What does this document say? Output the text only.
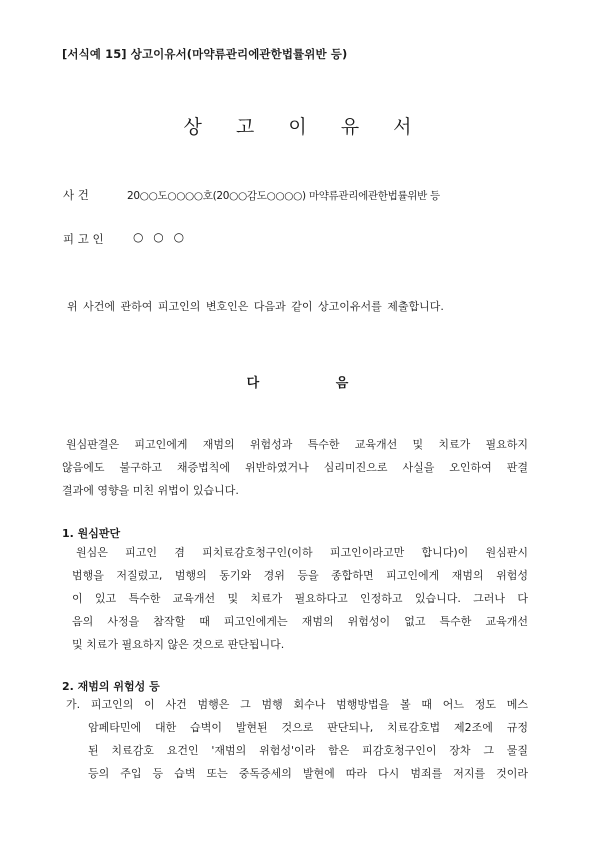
[서식예 15] 상고이유서(마약류관리에관한법률위반 등)
상 고 이 유 서
사 건	20○○도○○○○호(20○○감도○○○○) 마약류관리에관한법률위반 등
피 고 인 ○ ○ ○
위 사건에 관하여 피고인의 변호인은 다음과 같이 상고이유서를 제출합니다.
다 음
원심판결은 피고인에게 재범의 위험성과 특수한 교육개선 및 치료가 필요하지
않음에도 불구하고 채증법칙에 위반하였거나 심리미진으로 사실을 오인하여 판결
결과에 영향을 미친 위법이 있습니다.
1. 원심판단
원심은 피고인 겸 피치료감호청구인(이하 피고인이라고만 합니다)이 원심판시
범행을 저질렀고, 범행의 동기와 경위 등을 종합하면 피고인에게 재범의 위험성
이 있고 특수한 교육개선 및 치료가 필요하다고 인정하고 있습니다. 그러나 다
음의 사정을 참작할 때 피고인에게는 재범의 위험성이 없고 특수한 교육개선
및 치료가 필요하지 않은 것으로 판단됩니다.
2. 재범의 위험성 등
가. 피고인의 이 사건 범행은 그 범행 회수나 범행방법을 볼 때 어느 정도 메스
암페타민에 대한 습벽이 발현된 것으로 판단되나, 치료감호법 제2조에 규정
된 치료감호 요건인 '재범의 위험성'이라 함은 피감호청구인이 장차 그 물질
등의 주입 등 습벽 또는 중독증세의 발현에 따라 다시 범죄를 저지를 것이라
